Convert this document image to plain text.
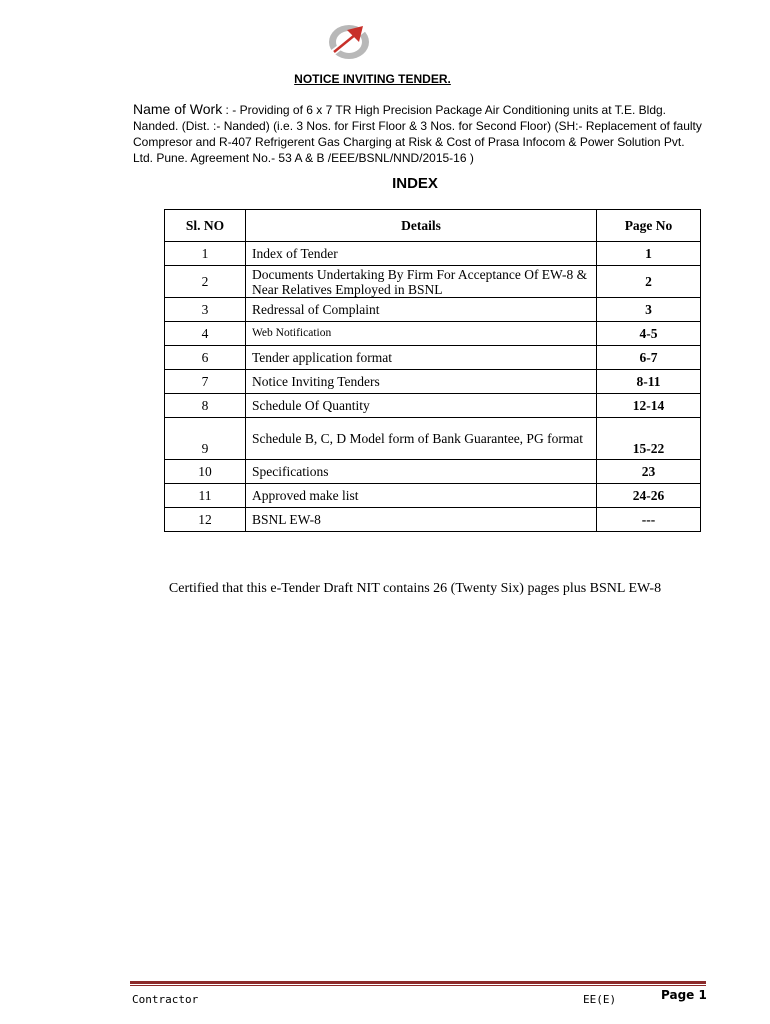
NOTICE INVITING TENDER.
Name of Work : - Providing of 6 x 7 TR High Precision Package Air Conditioning units at T.E. Bldg. Nanded. (Dist. :- Nanded) (i.e. 3 Nos. for First Floor & 3 Nos. for Second Floor) (SH:- Replacement of faulty Compresor and R-407 Refrigerent Gas Charging at Risk & Cost of Prasa Infocom & Power Solution Pvt. Ltd. Pune. Agreement No.- 53 A & B /EEE/BSNL/NND/2015-16 )
INDEX
Sl. NO	Details	Page No
1	Index of Tender	1
2	Documents Undertaking By Firm For Acceptance Of EW-8 & Near Relatives Employed in BSNL	2
3	Redressal of Complaint	3
4	Web Notification	4-5
6	Tender application format	6-7
7	Notice Inviting Tenders	8-11
8	Schedule Of Quantity	12-14
9	Schedule B, C, D Model form of Bank Guarantee, PG format	15-22
10	Specifications	23
11	Approved make list	24-26
12	BSNL EW-8	---
Certified that this e-Tender Draft NIT contains 26 (Twenty Six) pages plus BSNL EW-8
Contractor	EE(E)	Page 1
